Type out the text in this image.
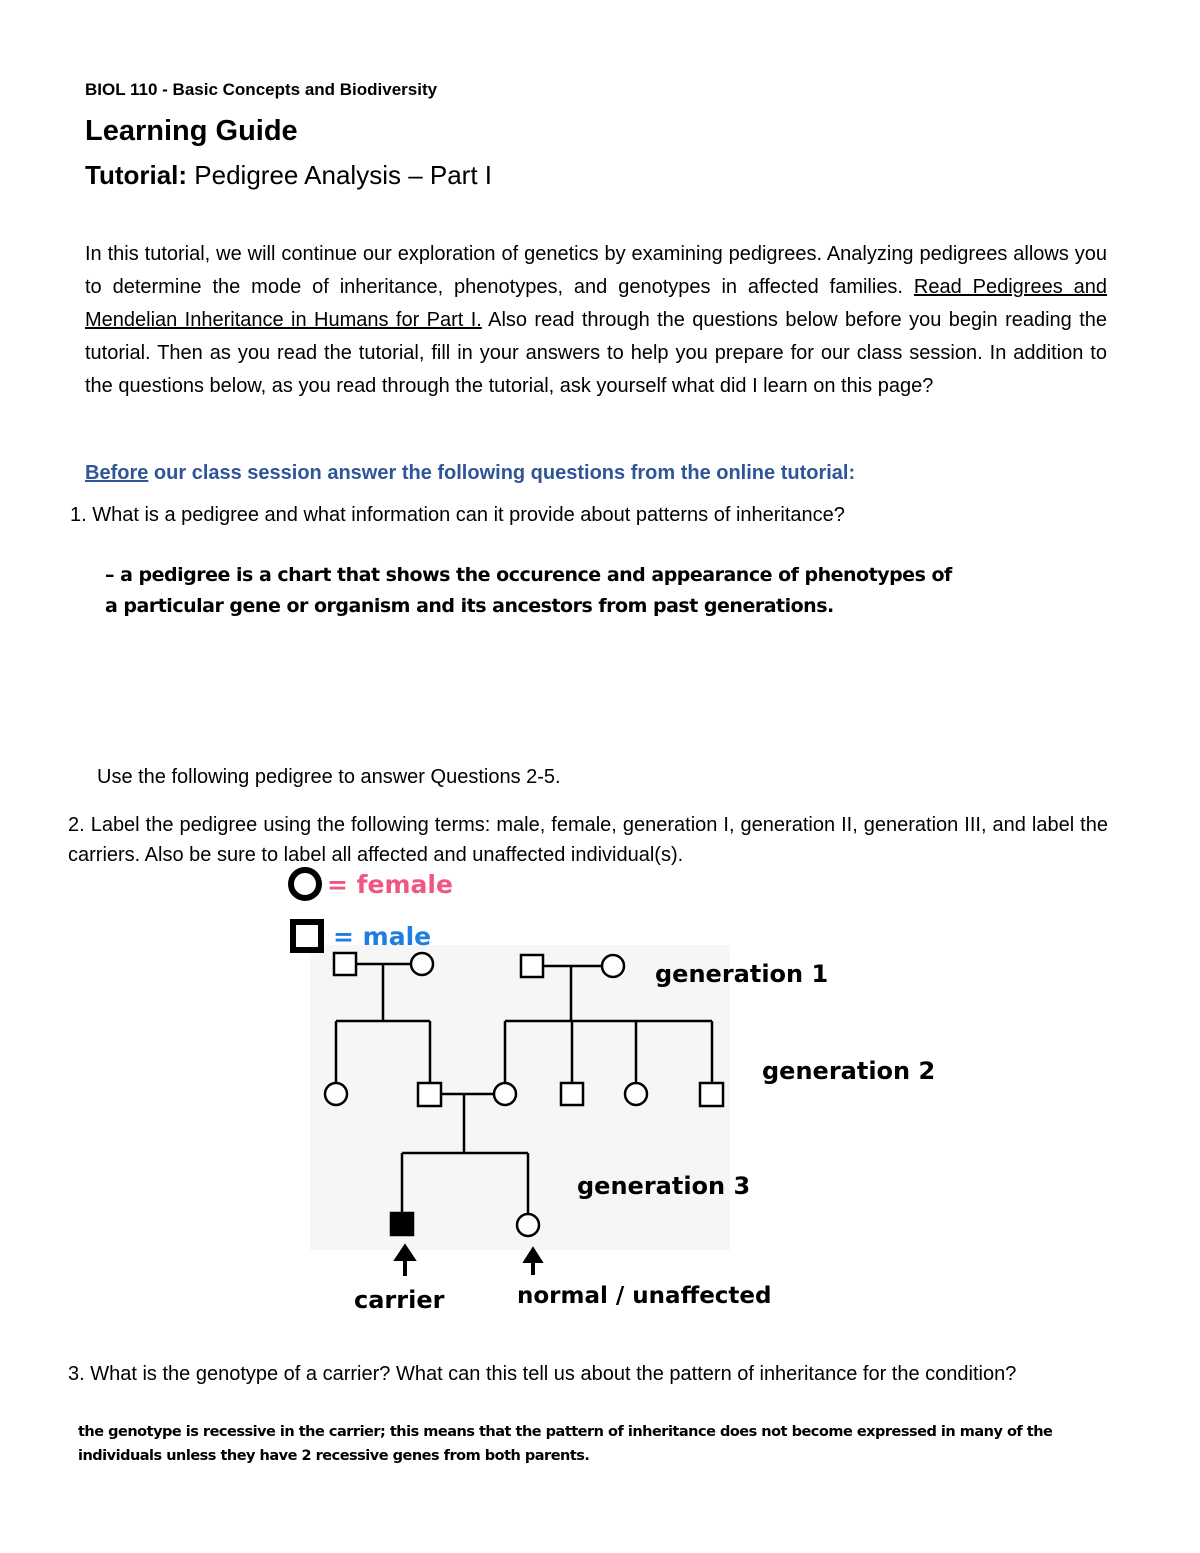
BIOL 110 - Basic Concepts and Biodiversity
Learning Guide
Tutorial: Pedigree Analysis – Part I
In this tutorial, we will continue our exploration of genetics by examining pedigrees. Analyzing pedigrees allows you to determine the mode of inheritance, phenotypes, and genotypes in affected families. Read Pedigrees and Mendelian Inheritance in Humans for Part I. Also read through the questions below before you begin reading the tutorial. Then as you read the tutorial, fill in your answers to help you prepare for our class session. In addition to the questions below, as you read through the tutorial, ask yourself what did I learn on this page?
Before our class session answer the following questions from the online tutorial:
1. What is a pedigree and what information can it provide about patterns of inheritance?
– a pedigree is a chart that shows the occurence and appearance of phenotypes of a particular gene or organism and its ancestors from past generations.
Use the following pedigree to answer Questions 2-5.
2. Label the pedigree using the following terms: male, female, generation I, generation II, generation III, and label the carriers. Also be sure to label all affected and unaffected individual(s).
= female
= male
generation 1
generation 2
generation 3
carrier	normal / unaffected
3. What is the genotype of a carrier? What can this tell us about the pattern of inheritance for the condition?
the genotype is recessive in the carrier; this means that the pattern of inheritance does not become expressed in many of the individuals unless they have 2 recessive genes from both parents.
